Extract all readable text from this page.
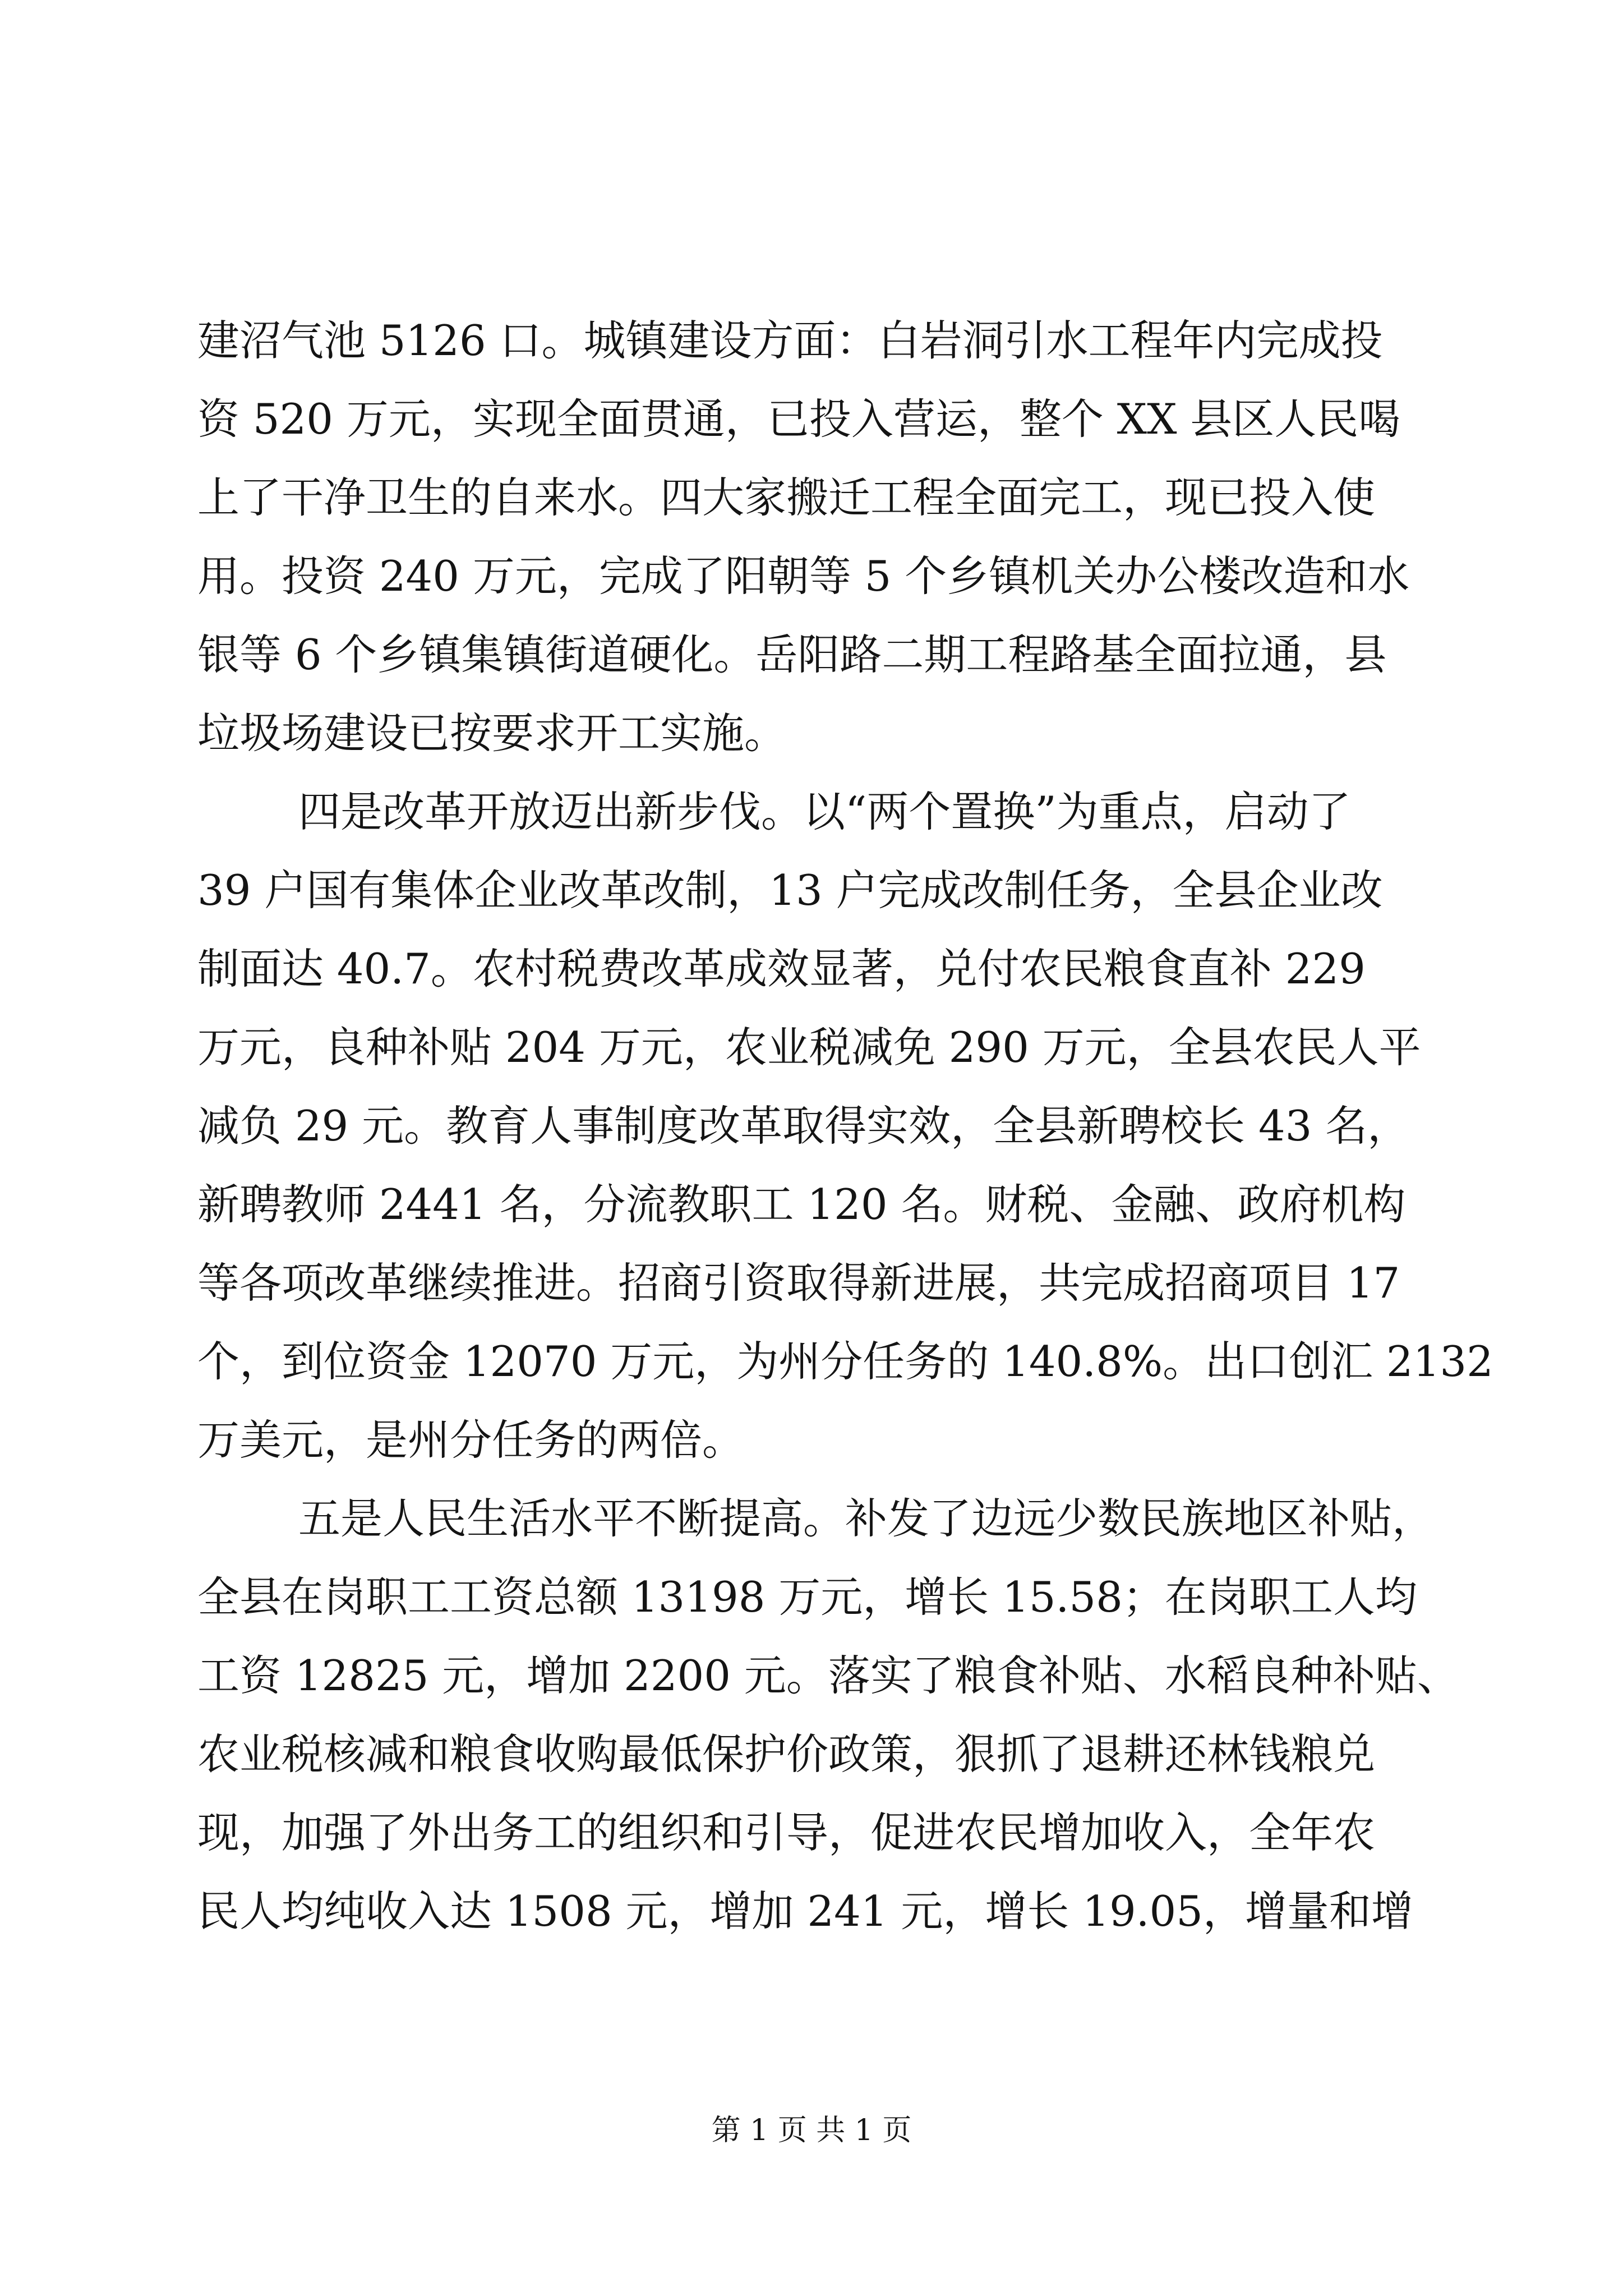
建沼气池 5126 口。城镇建设方面：白岩洞引水工程年内完成投
资 520 万元，实现全面贯通，已投入营运，整个 XX 县区人民喝
上了干净卫生的自来水。四大家搬迁工程全面完工，现已投入使
用。投资 240 万元，完成了阳朝等 5 个乡镇机关办公楼改造和水
银等 6 个乡镇集镇街道硬化。岳阳路二期工程路基全面拉通，县
垃圾场建设已按要求开工实施。
四是改革开放迈出新步伐。以“两个置换”为重点，启动了
39 户国有集体企业改革改制，13 户完成改制任务，全县企业改
制面达 40.7。农村税费改革成效显著，兑付农民粮食直补 229
万元，良种补贴 204 万元，农业税减免 290 万元，全县农民人平
减负 29 元。教育人事制度改革取得实效，全县新聘校长 43 名，
新聘教师 2441 名，分流教职工 120 名。财税、金融、政府机构
等各项改革继续推进。招商引资取得新进展，共完成招商项目 17
个，到位资金 12070 万元，为州分任务的 140.8%。出口创汇 2132
万美元，是州分任务的两倍。
五是人民生活水平不断提高。补发了边远少数民族地区补贴，
全县在岗职工工资总额 13198 万元，增长 15.58；在岗职工人均
工资 12825 元，增加 2200 元。落实了粮食补贴、水稻良种补贴、
农业税核减和粮食收购最低保护价政策，狠抓了退耕还林钱粮兑
现，加强了外出务工的组织和引导，促进农民增加收入，全年农
民人均纯收入达 1508 元，增加 241 元，增长 19.05，增量和增
第 1 页 共 1 页
